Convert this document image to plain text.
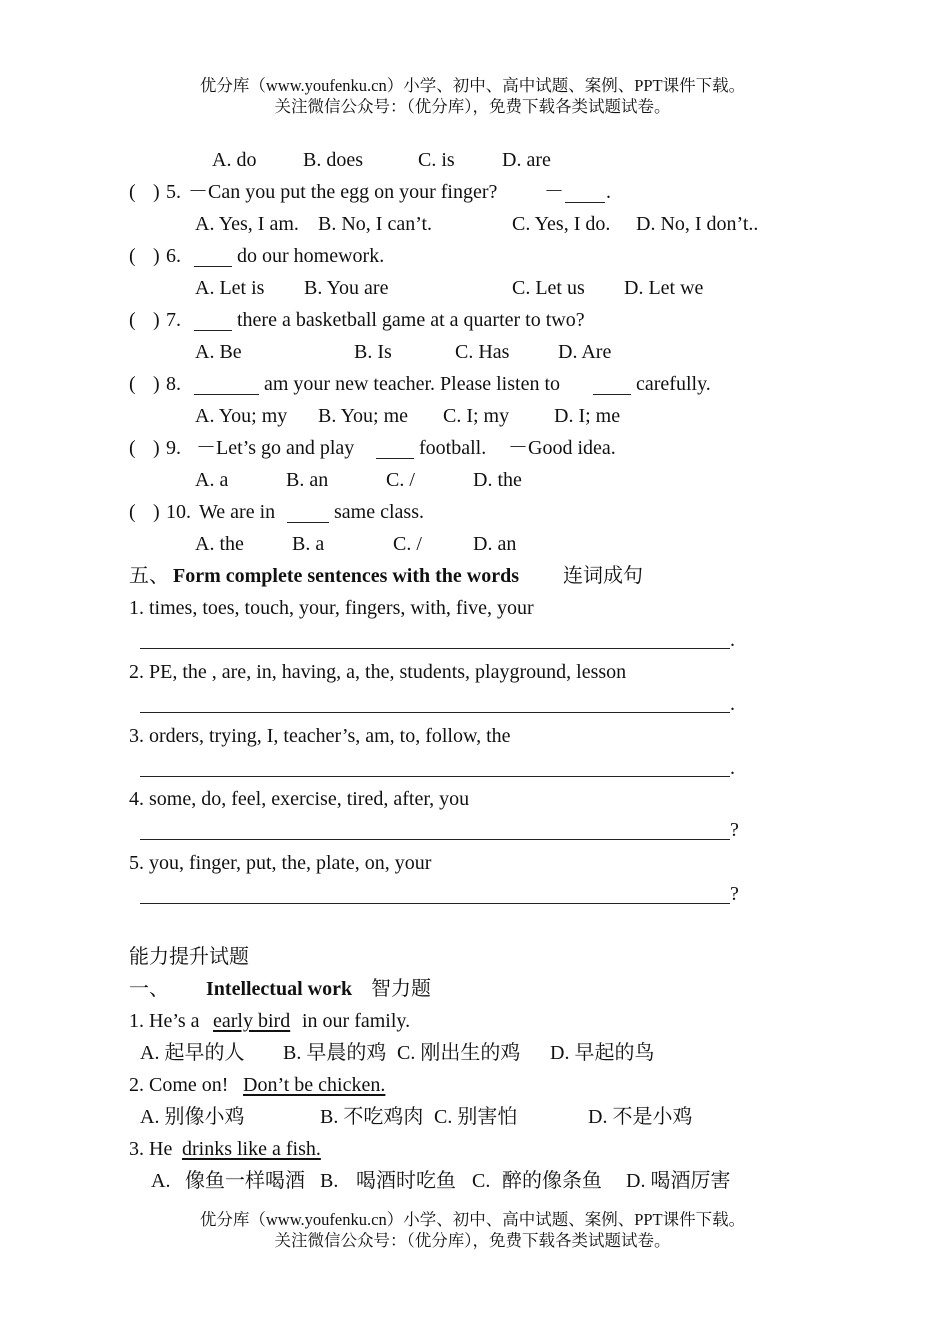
优分库（www.youfenku.cn）小学、初中、高中试题、案例、PPT课件下载。
关注微信公众号：（优分库），免费下载各类试题试卷。
A. do B. does	C. is D. are
( ) 5. －Can you put the egg on your finger? － .
A. Yes, I am. B. No, I can’t.	C. Yes, I do. D. No, I don’t..
( ) 6.	do our homework.
A. Let is B. You are	C. Let us D. Let we
( ) 7.	there a basketball game at a quarter to two?
A. Be	B. Is	C. Has D. Are
( ) 8.	am your new teacher. Please listen to	carefully.
A. You; my B. You; me C. I; my D. I; me
( ) 9. －Let’s go and play	football. －Good idea.
A. a	B. an	C. /	D. the
( ) 10. We are in	same class.
A. the B. a	C. /	D. an
五、 Form complete sentences with the words 连词成句
1. times, toes, touch, your, fingers, with, five, your
.
2. PE, the , are, in, having, a, the, students, playground, lesson
.
3. orders, trying, I, teacher’s, am, to, follow, the
.
4. some, do, feel, exercise, tired, after, you
?
5. you, finger, put, the, plate, on, your
?
能力提升试题
一、 Intellectual work 智力题
1. He’s a early bird in our family.
A. 起早的人 B. 早晨的鸡 C. 刚出生的鸡 D. 早起的鸟
2. Come on! Don’t be chicken.
A. 别像小鸡	B. 不吃鸡肉 C. 别害怕	D. 不是小鸡
3. He drinks like a fish.
A. 像鱼一样喝酒 B. 喝酒时吃鱼 C. 醉的像条鱼 D. 喝酒厉害
优分库（www.youfenku.cn）小学、初中、高中试题、案例、PPT课件下载。
关注微信公众号：（优分库），免费下载各类试题试卷。
